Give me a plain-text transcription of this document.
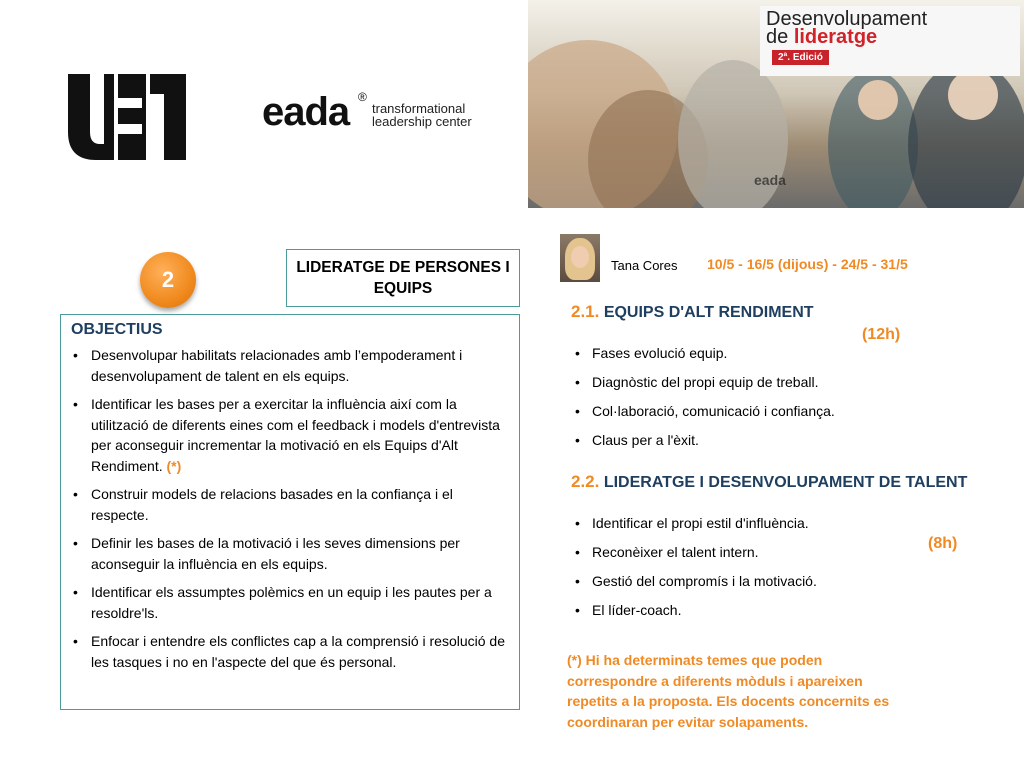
eada ®
transformational
leadership center
Desenvolupament
de lideratge
2ª. Edició
eada
2	LIDERATGE DE PERSONES I EQUIPS
OBJECTIUS
• Desenvolupar habilitats relacionades amb l’empoderament i desenvolupament de talent en els equips.
• Identificar les bases per a exercitar la influència així com la utilització de diferents eines com el feedback i models d'entrevista per aconseguir incrementar la motivació en els Equips d'Alt Rendiment. (*)
• Construir models de relacions basades en la confiança i el respecte.
• Definir les bases de la motivació i les seves dimensions per aconseguir la influència en els equips.
• Identificar els assumptes polèmics en un equip i les pautes per a resoldre'ls.
• Enfocar i entendre els conflictes cap a la comprensió i resolució de les tasques i no en l'aspecte del que és personal.
Tana Cores 10/5 - 16/5 (dijous) - 24/5 - 31/5
2.1. EQUIPS D'ALT RENDIMENT
(12h)
• Fases evolució equip.
• Diagnòstic del propi equip de treball.
• Col·laboració, comunicació i confiança.
• Claus per a l'èxit.
2.2. LIDERATGE I DESENVOLUPAMENT DE TALENT
(8h)
• Identificar el propi estil d'influència.
• Reconèixer el talent intern.
• Gestió del compromís i la motivació.
• El líder-coach.
(*) Hi ha determinats temes que poden correspondre a diferents mòduls i apareixen repetits a la proposta. Els docents concernits es coordinaran per evitar solapaments.
